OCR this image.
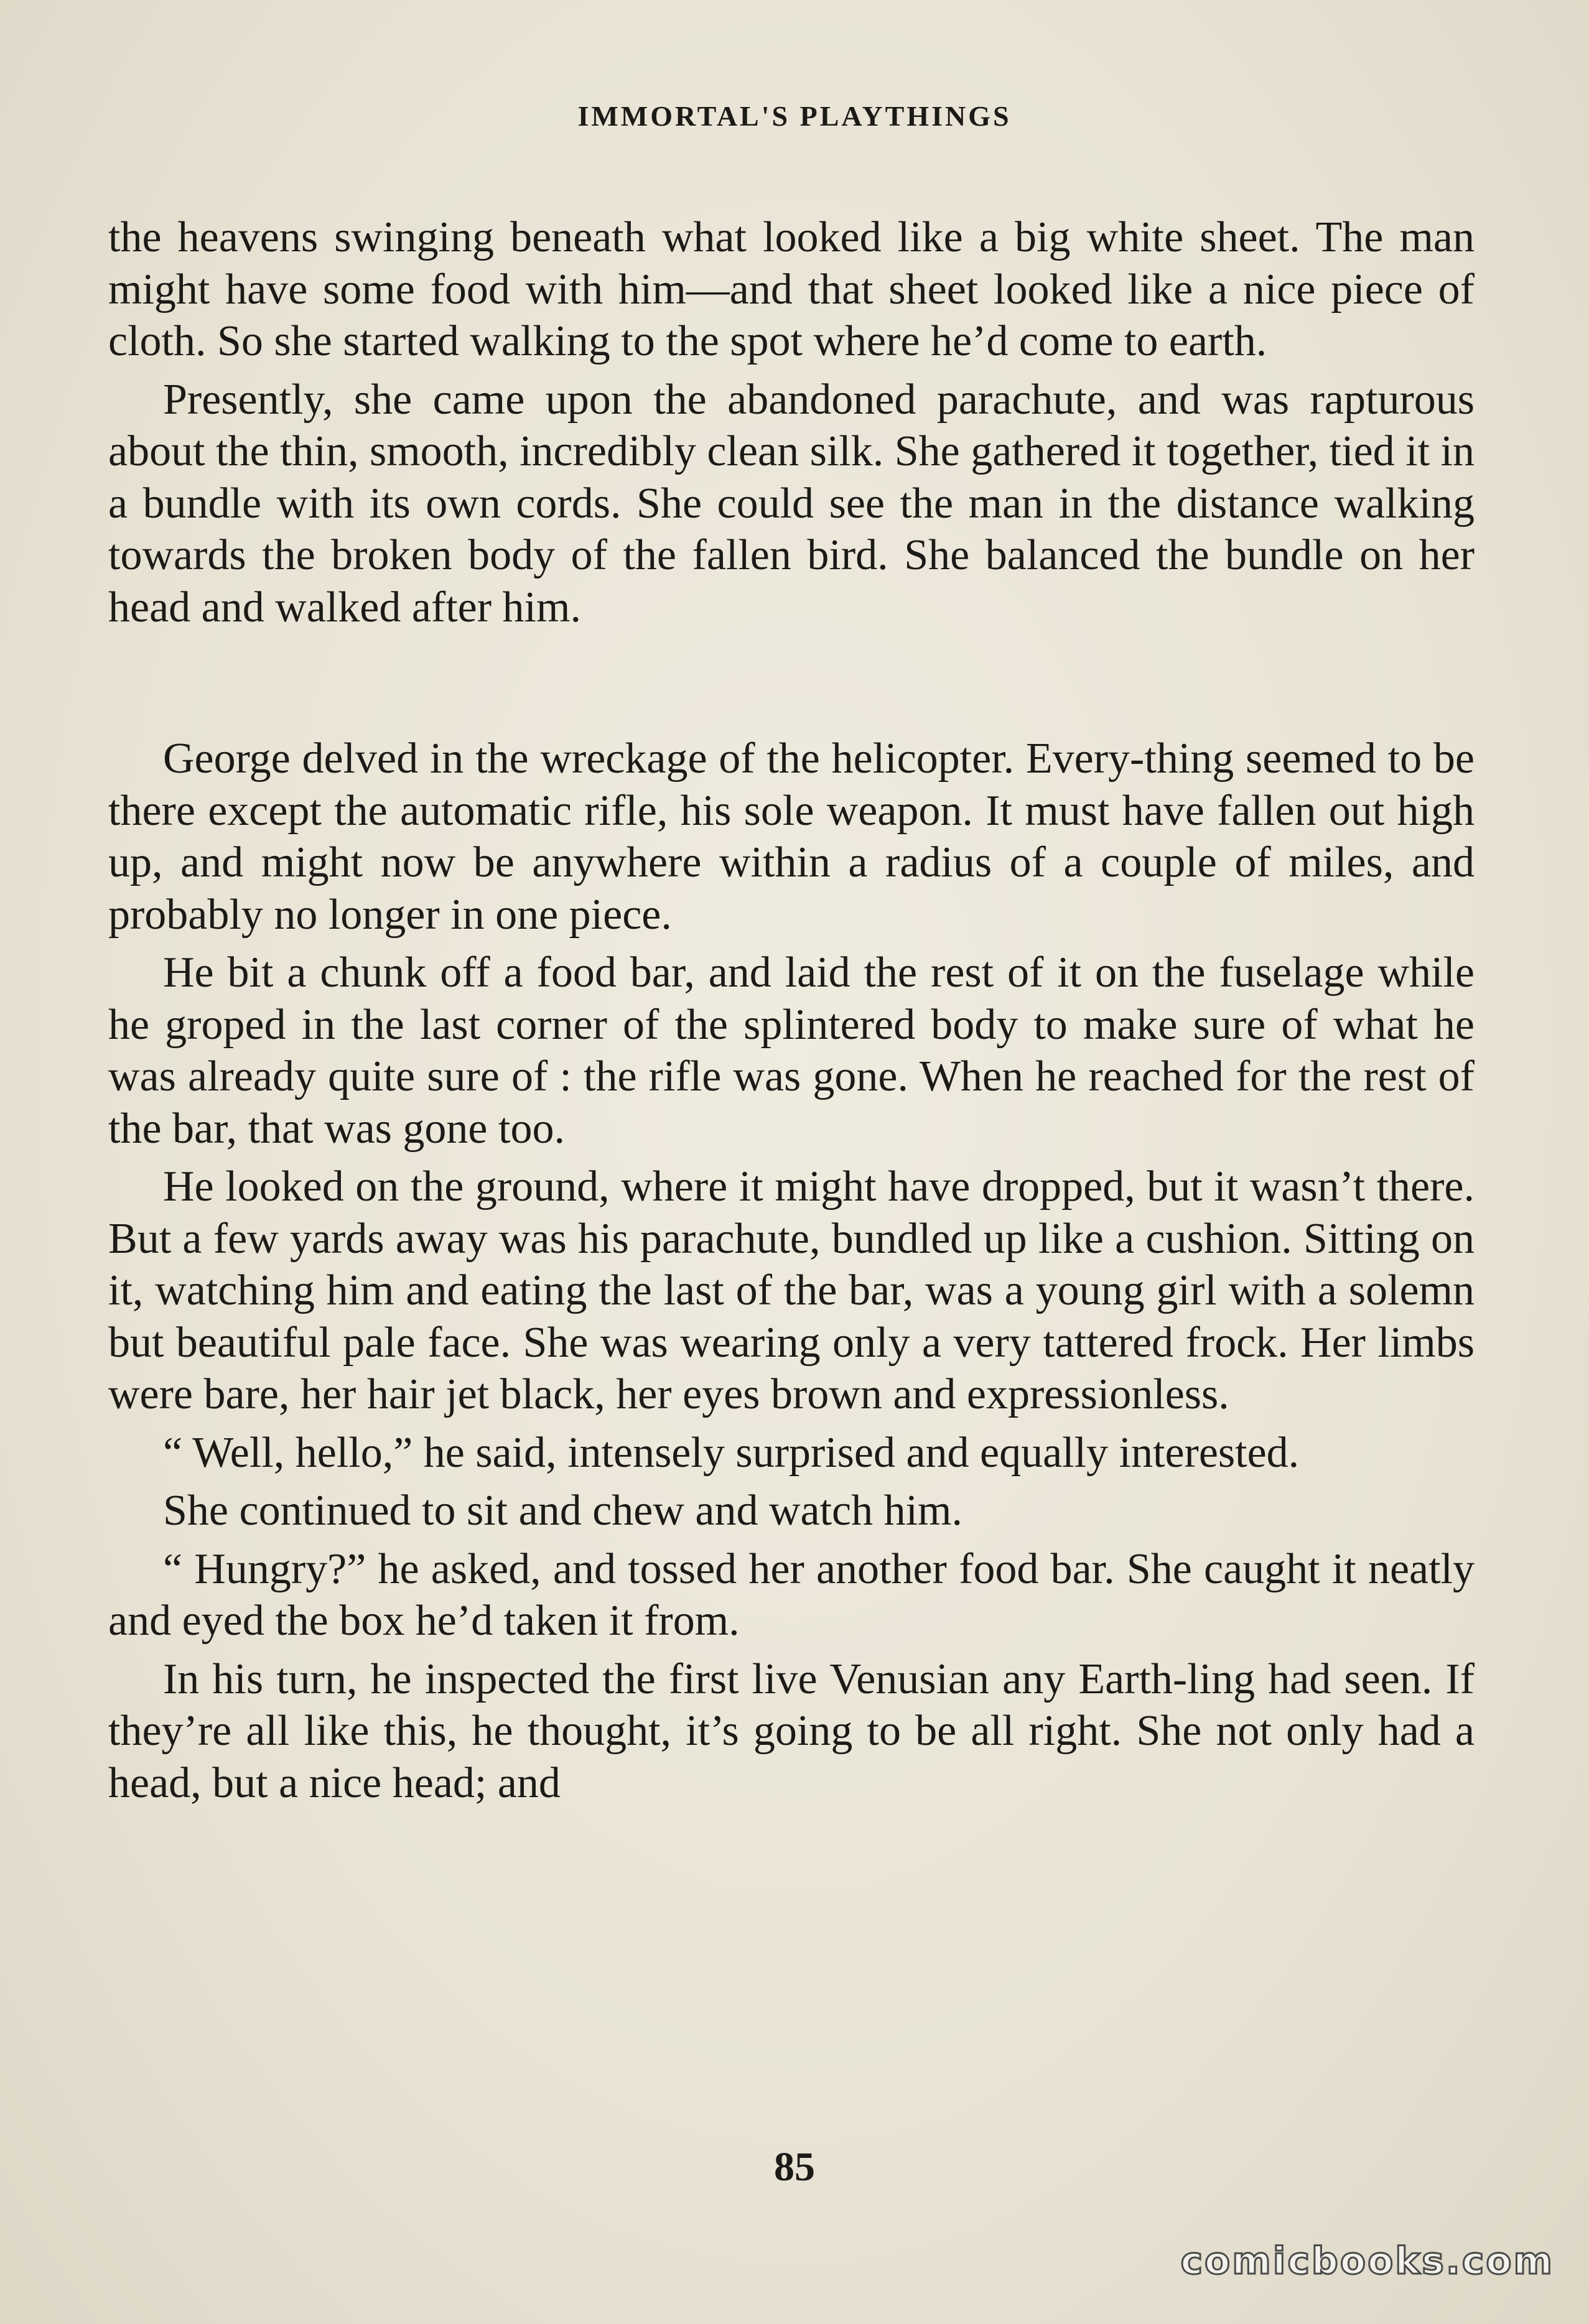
IMMORTAL'S PLAYTHINGS

the heavens swinging beneath what looked like a big white sheet. The man might have some food with him—and that sheet looked like a nice piece of cloth. So she started walking to the spot where he’d come to earth.

Presently, she came upon the abandoned parachute, and was rapturous about the thin, smooth, incredibly clean silk. She gathered it together, tied it in a bundle with its own cords. She could see the man in the distance walking towards the broken body of the fallen bird. She balanced the bundle on her head and walked after him.

George delved in the wreckage of the helicopter. Every-thing seemed to be there except the automatic rifle, his sole weapon. It must have fallen out high up, and might now be anywhere within a radius of a couple of miles, and probably no longer in one piece.

He bit a chunk off a food bar, and laid the rest of it on the fuselage while he groped in the last corner of the splintered body to make sure of what he was already quite sure of : the rifle was gone. When he reached for the rest of the bar, that was gone too.

He looked on the ground, where it might have dropped, but it wasn’t there. But a few yards away was his parachute, bundled up like a cushion. Sitting on it, watching him and eating the last of the bar, was a young girl with a solemn but beautiful pale face. She was wearing only a very tattered frock. Her limbs were bare, her hair jet black, her eyes brown and expressionless.

“ Well, hello,” he said, intensely surprised and equally interested.

She continued to sit and chew and watch him.

“ Hungry?” he asked, and tossed her another food bar. She caught it neatly and eyed the box he’d taken it from.

In his turn, he inspected the first live Venusian any Earth-ling had seen. If they’re all like this, he thought, it’s going to be all right. She not only had a head, but a nice head; and

85
comicbooks.com
